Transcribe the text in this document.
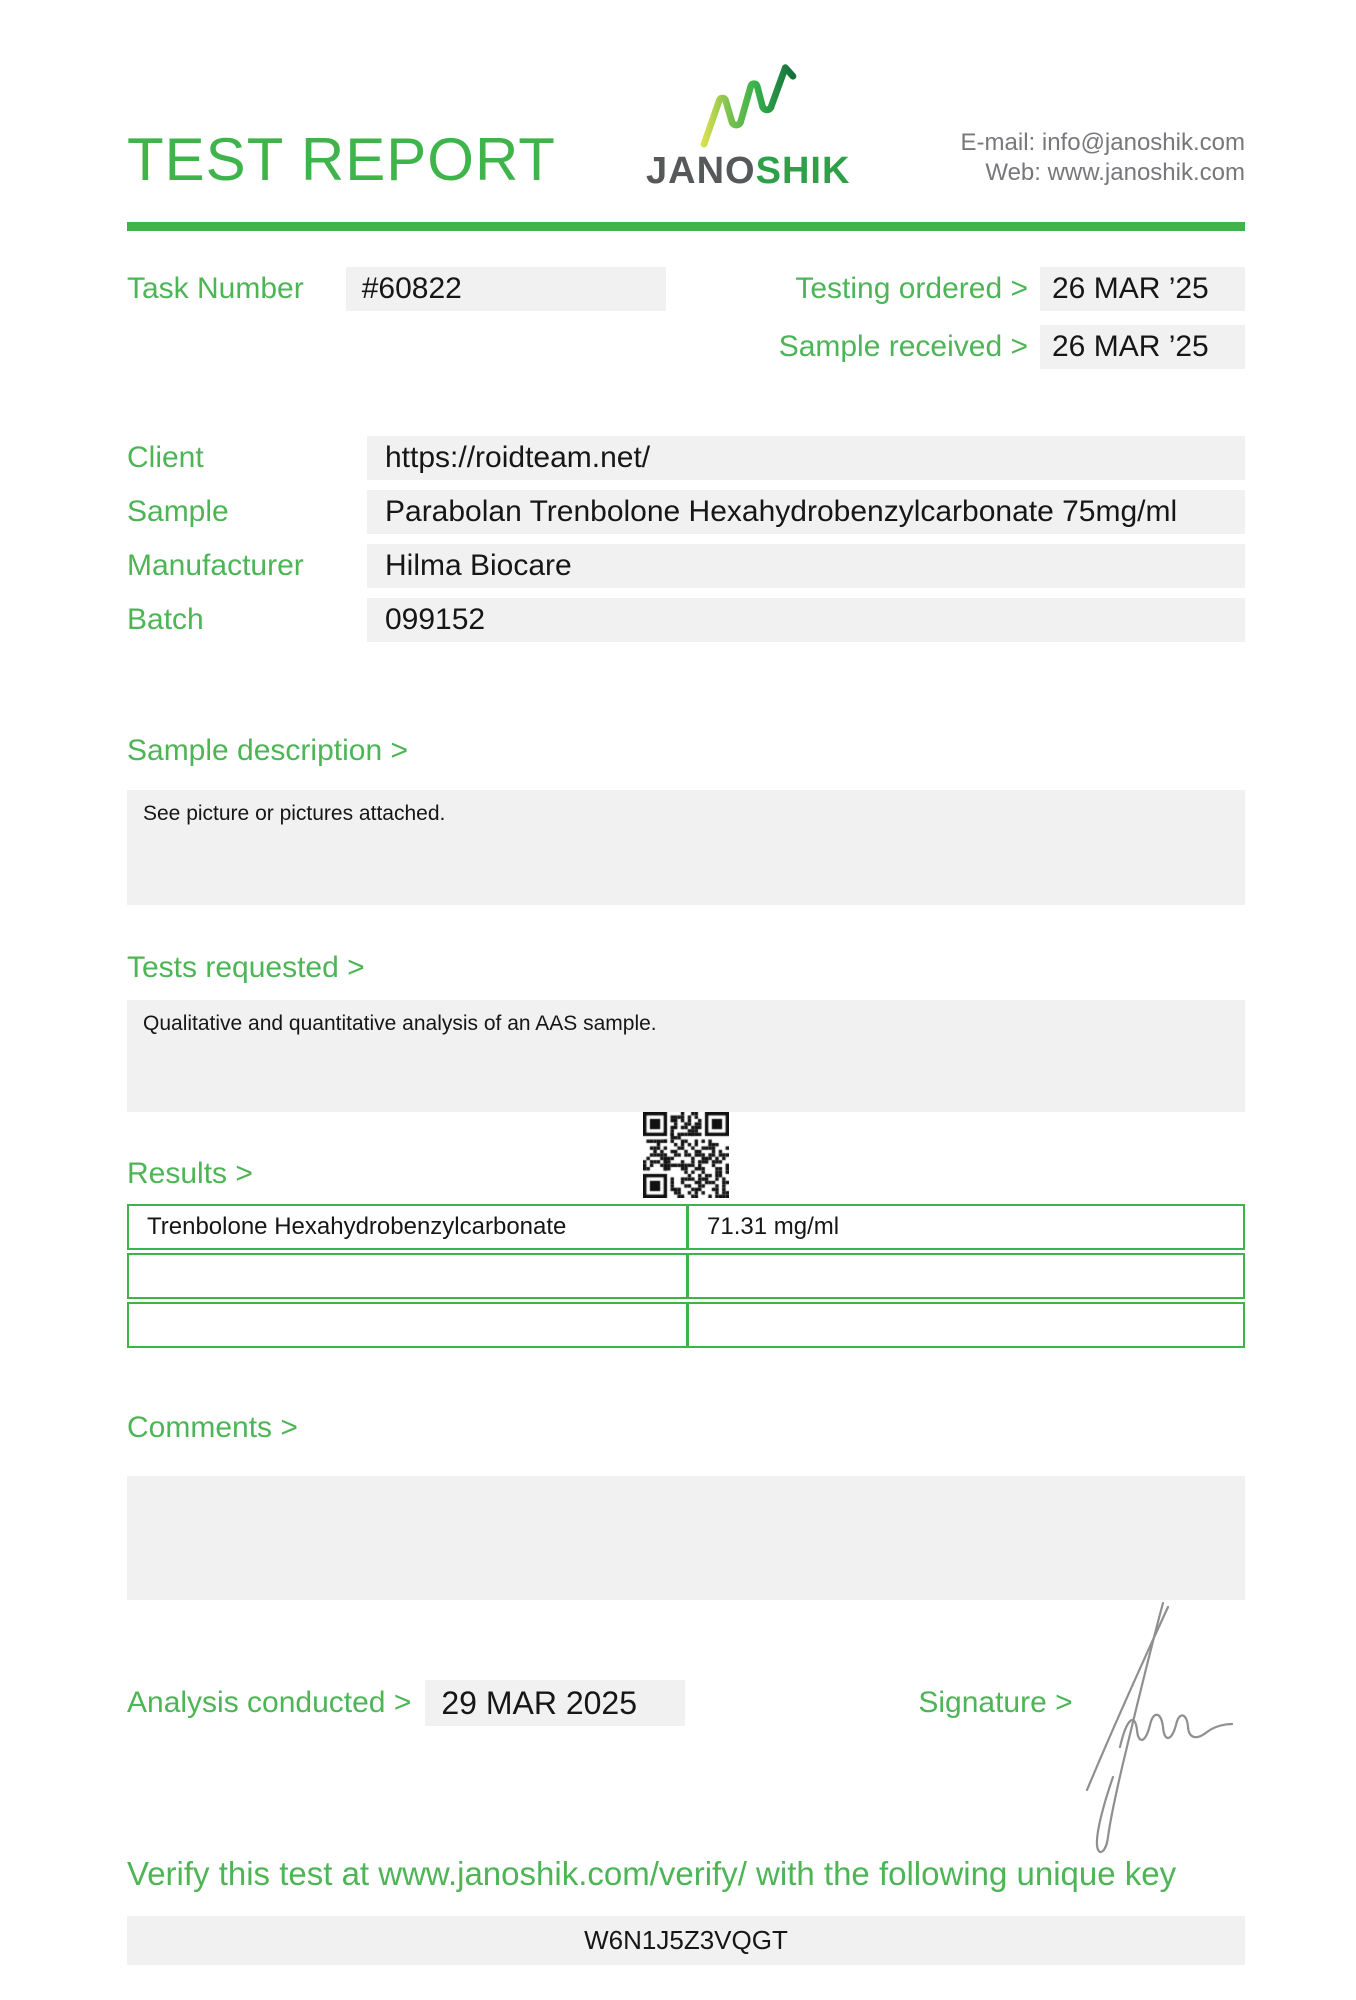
TEST REPORT JANOSHIK
E-mail: info@janoshik.com
Web: www.janoshik.com
Task Number	#60822	Testing ordered > 26 MAR ’25
Sample received > 26 MAR ’25
Client	https://roidteam.net/
Sample	Parabolan Trenbolone Hexahydrobenzylcarbonate 75mg/ml
Manufacturer	Hilma Biocare
Batch	099152
Sample description >
See picture or pictures attached.
Tests requested >
Qualitative and quantitative analysis of an AAS sample.
Results >
Trenbolone Hexahydrobenzylcarbonate	71.31 mg/ml
Comments >
Analysis conducted > 29 MAR 2025	Signature >
Verify this test at www.janoshik.com/verify/ with the following unique key
W6N1J5Z3VQGT
